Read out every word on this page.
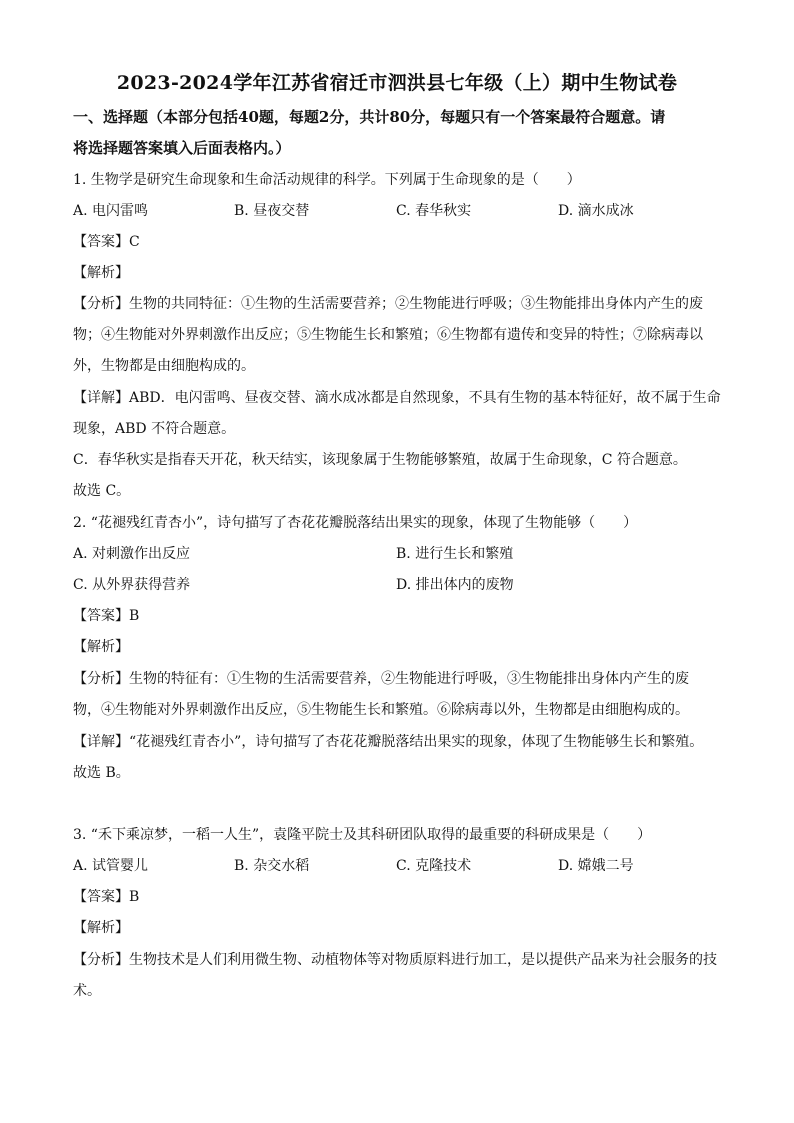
2023-2024学年江苏省宿迁市泗洪县七年级（上）期中生物试卷
一、选择题（本部分包括40题，每题2分，共计80分，每题只有一个答案最符合题意。请
将选择题答案填入后面表格内。）
1. 生物学是研究生命现象和生命活动规律的科学。下列属于生命现象的是（　　）
A. 电闪雷鸣	B. 昼夜交替	C. 春华秋实	D. 滴水成冰
【答案】C
【解析】
【分析】生物的共同特征：①生物的生活需要营养；②生物能进行呼吸；③生物能排出身体内产生的废
物；④生物能对外界刺激作出反应；⑤生物能生长和繁殖；⑥生物都有遗传和变异的特性；⑦除病毒以
外，生物都是由细胞构成的。
【详解】ABD．电闪雷鸣、昼夜交替、滴水成冰都是自然现象，不具有生物的基本特征好，故不属于生命
现象，ABD 不符合题意。
C．春华秋实是指春天开花，秋天结实，该现象属于生物能够繁殖，故属于生命现象，C 符合题意。
故选 C。
2. “花褪残红青杏小”，诗句描写了杏花花瓣脱落结出果实的现象，体现了生物能够（　　）
A. 对刺激作出反应	B. 进行生长和繁殖
C. 从外界获得营养	D. 排出体内的废物
【答案】B
【解析】
【分析】生物的特征有：①生物的生活需要营养，②生物能进行呼吸，③生物能排出身体内产生的废
物，④生物能对外界刺激作出反应，⑤生物能生长和繁殖。⑥除病毒以外，生物都是由细胞构成的。
【详解】“花褪残红青杏小”，诗句描写了杏花花瓣脱落结出果实的现象，体现了生物能够生长和繁殖。
故选 B。
3. “禾下乘凉梦，一稻一人生”，袁隆平院士及其科研团队取得的最重要的科研成果是（　　）
A. 试管婴儿	B. 杂交水稻	C. 克隆技术	D. 嫦娥二号
【答案】B
【解析】
【分析】生物技术是人们利用微生物、动植物体等对物质原料进行加工，是以提供产品来为社会服务的技
术。
